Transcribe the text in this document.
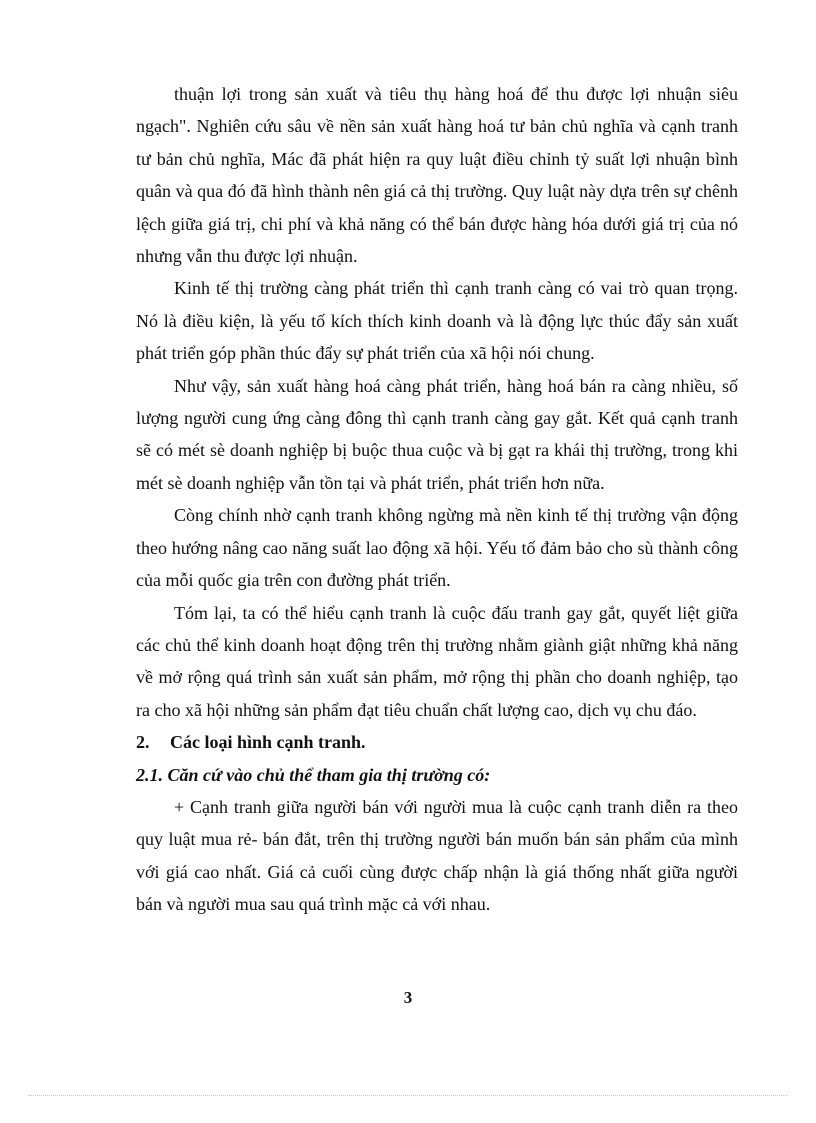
thuận lợi trong sản xuất và tiêu thụ hàng hoá để thu được lợi nhuận siêu ngạch". Nghiên cứu sâu về nền sản xuất hàng hoá tư bản chủ nghĩa và cạnh tranh tư bản chủ nghĩa, Mác đã phát hiện ra quy luật điều chỉnh tỷ suất lợi nhuận bình quân và qua đó đã hình thành nên giá cả thị trường. Quy luật này dựa trên sự chênh lệch giữa giá trị, chi phí và khả năng có thể bán được hàng hóa dưới giá trị của nó nhưng vẫn thu được lợi nhuận.

Kinh tế thị trường càng phát triển thì cạnh tranh càng có vai trò quan trọng. Nó là điều kiện, là yếu tố kích thích kinh doanh và là động lực thúc đẩy sản xuất phát triển góp phần thúc đẩy sự phát triển của xã hội nói chung.

Như vậy, sản xuất hàng hoá càng phát triển, hàng hoá bán ra càng nhiều, số lượng người cung ứng càng đông thì cạnh tranh càng gay gắt. Kết quả cạnh tranh sẽ có mét sè doanh nghiệp bị buộc thua cuộc và bị gạt ra khái thị trường, trong khi mét sè doanh nghiệp vẫn tồn tại và phát triển, phát triển hơn nữa.

Còng chính nhờ cạnh tranh không ngừng mà nền kinh tế thị trường vận động theo hướng nâng cao năng suất lao động xã hội. Yếu tố đảm bảo cho sù thành công của mỗi quốc gia trên con đường phát triển.

Tóm lại, ta có thể hiểu cạnh tranh là cuộc đấu tranh gay gắt, quyết liệt giữa các chủ thể kinh doanh hoạt động trên thị trường nhằm giành giật những khả năng về mở rộng quá trình sản xuất sản phẩm, mở rộng thị phần cho doanh nghiệp, tạo ra cho xã hội những sản phẩm đạt tiêu chuẩn chất lượng cao, dịch vụ chu đáo.

2. Các loại hình cạnh tranh.

2.1. Căn cứ vào chủ thể tham gia thị trường có:

+ Cạnh tranh giữa người bán với người mua là cuộc cạnh tranh diễn ra theo quy luật mua rẻ- bán đắt, trên thị trường người bán muốn bán sản phẩm của mình với giá cao nhất. Giá cả cuối cùng được chấp nhận là giá thống nhất giữa người bán và người mua sau quá trình mặc cả với nhau.

3
